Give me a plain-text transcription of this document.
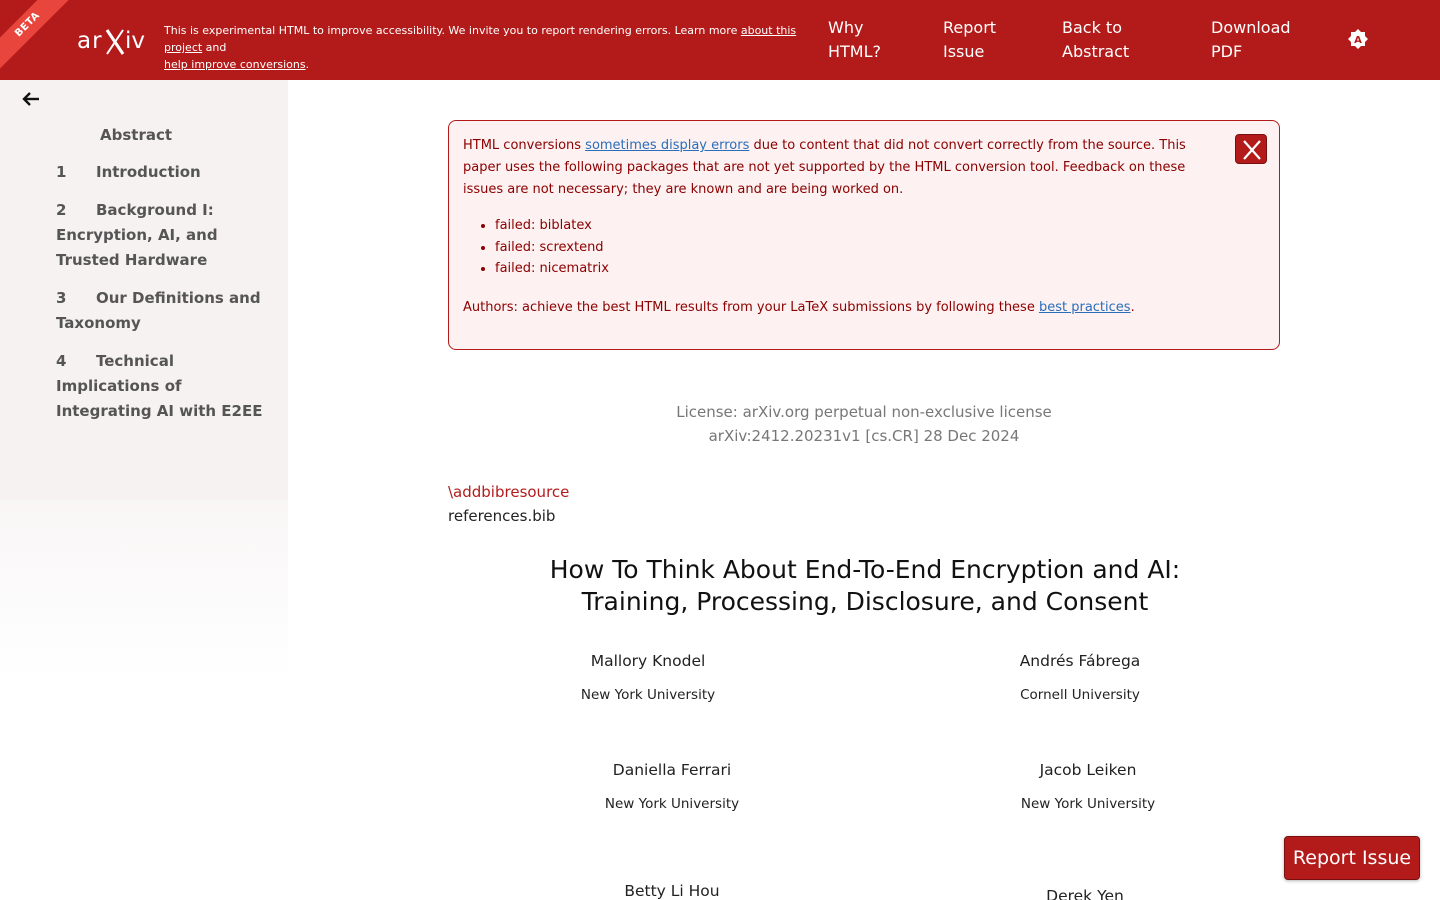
BETA
ar iv This is experimental HTML to improve accessibility. We invite you to report rendering errors. Learn more about this project and
help improve conversions.
Why HTML?
Report Issue
Back to Abstract
Download PDF
A
Abstract
1 Introduction
2 Background I: Encryption, AI, and Trusted Hardware
3 Our Definitions and Taxonomy
4 Technical Implications of Integrating AI with E2EE
HTML conversions sometimes display errors due to content that did not convert correctly from the source. This paper uses the following packages that are not yet supported by the HTML conversion tool. Feedback on these issues are not necessary; they are known and are being worked on.
• failed: biblatex
• failed: scrextend
• failed: nicematrix
Authors: achieve the best HTML results from your LaTeX submissions by following these best practices.
License: arXiv.org perpetual non-exclusive license
arXiv:2412.20231v1 [cs.CR] 28 Dec 2024
\addbibresource
references.bib
How To Think About End-To-End Encryption and AI: Training, Processing, Disclosure, and Consent
Mallory Knodel
New York University
Andrés Fábrega
Cornell University
Daniella Ferrari
New York University
Jacob Leiken
New York University
Betty Li Hou	Derek Yen
Report Issue
